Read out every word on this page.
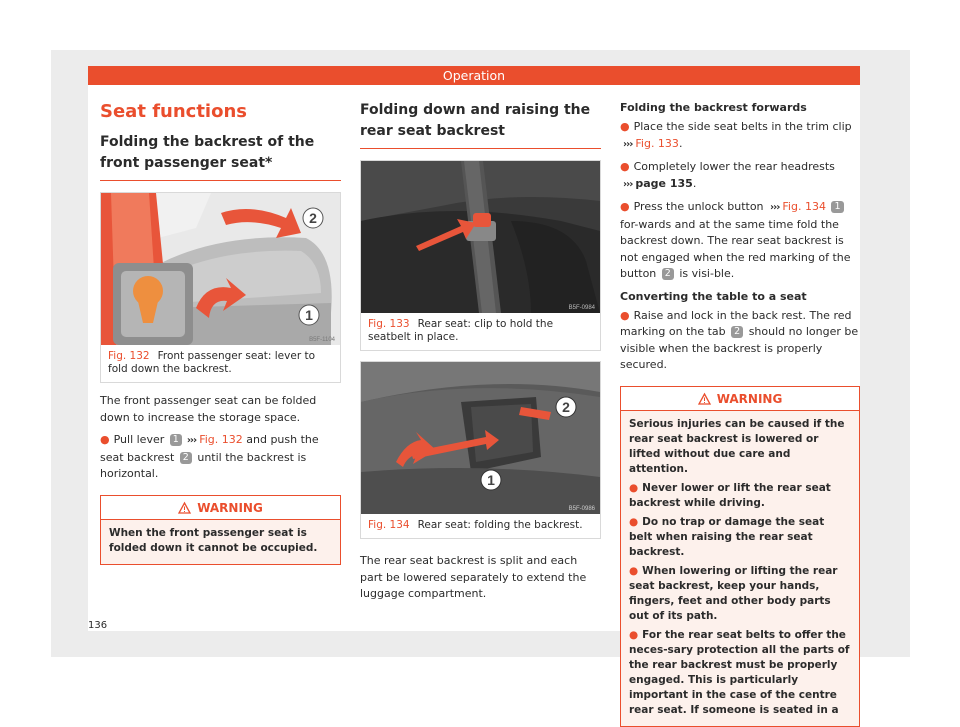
Operation
Seat functions
Folding the backrest of the front passenger seat*
2
1
B5F-1104
Fig. 132 Front passenger seat: lever to fold down the backrest.

The front passenger seat can be folded down to increase the storage space.

● Pull lever 1 ››› Fig. 132 and push the seat backrest 2 until the backrest is horizontal.

WARNING

When the front passenger seat is folded down it cannot be occupied.

Folding down and raising the rear seat backrest
B5F-0984
Fig. 133 Rear seat: clip to hold the seatbelt in place.
2
1
B5F-0986
Fig. 134 Rear seat: folding the backrest.

The rear seat backrest is split and each part be lowered separately to extend the luggage compartment.

Folding the backrest forwards

● Place the side seat belts in the trim clip ››› Fig. 133.

● Completely lower the rear headrests ››› page 135.

● Press the unlock button ››› Fig. 134 1 for-wards and at the same time fold the backrest down. The rear seat backrest is not engaged when the red marking of the button 2 is visi-ble.

Converting the table to a seat

● Raise and lock in the back rest. The red marking on the tab 2 should no longer be visible when the backrest is properly secured.

WARNING

Serious injuries can be caused if the rear seat backrest is lowered or lifted without due care and attention.

● Never lower or lift the rear seat backrest while driving.

● Do no trap or damage the seat belt when raising the rear seat backrest.

● When lowering or lifting the rear seat backrest, keep your hands, fingers, feet and other body parts out of its path.

● For the rear seat belts to offer the neces-sary protection all the parts of the rear backrest must be properly engaged. This is particularly important in the case of the centre rear seat. If someone is seated in a

136
